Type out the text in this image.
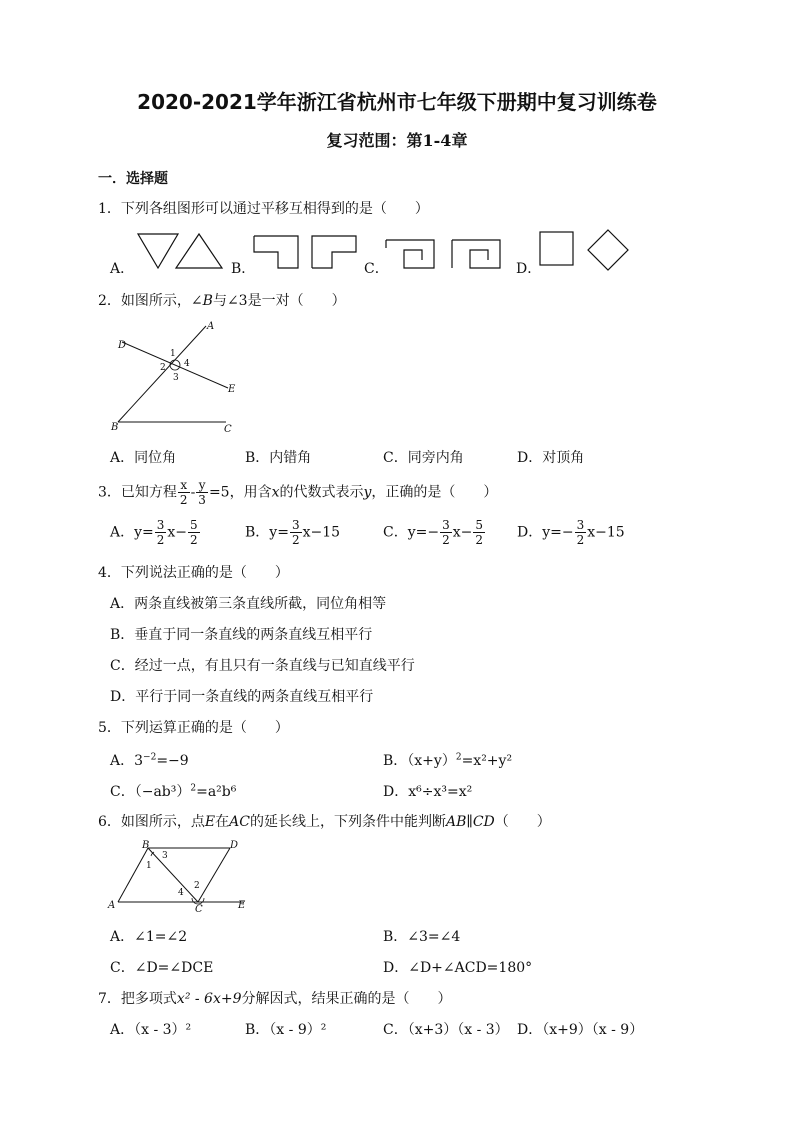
2020-2021学年浙江省杭州市七年级下册期中复习训练卷
复习范围：第1-4章
一．选择题
1．下列各组图形可以通过平移互相得到的是（　　）
A．	B．	C．	D．
2．如图所示，∠B与∠3是一对（　　）
D
A
E
B	C
1
2
3
4
A．同位角	B．内错角	C．同旁内角	D．对顶角
3．已知方程 $\frac{x}{2} - \frac{y}{3} =5$，用含x的代数式表示y，正确的是（　　）
A．$y= \frac{3}{2} x- \frac{5}{2}$	B．$y= \frac{3}{2} x-15$	C．$y=- \frac{3}{2} x- \frac{5}{2}$ D．$y=- \frac{3}{2} x-15$
4．下列说法正确的是（　　）
A．两条直线被第三条直线所截，同位角相等
B．垂直于同一条直线的两条直线互相平行
C．经过一点，有且只有一条直线与已知直线平行
D．平行于同一条直线的两条直线互相平行
5．下列运算正确的是（　　）
A．$3^{-2}=-9$	B．$(x+y)^2=x^2+y^2$
C．$(-ab^3)^2=a^2b^6$	D．x⁶÷x³=x²
6．如图所示，点E在AC的延长线上，下列条件中能判断AB∥CD（　　）
B	D
A	C	E
1
2
3
4
A．∠1=∠2	B．∠3=∠4
C．∠D=∠DCE	D．∠D+∠ACD=180°
7．把多项式x² - 6x+9分解因式，结果正确的是（　　）
A．（x - 3）²	B．（x - 9）²	C．（x+3）（x - 3） D．（x+9）（x - 9）
